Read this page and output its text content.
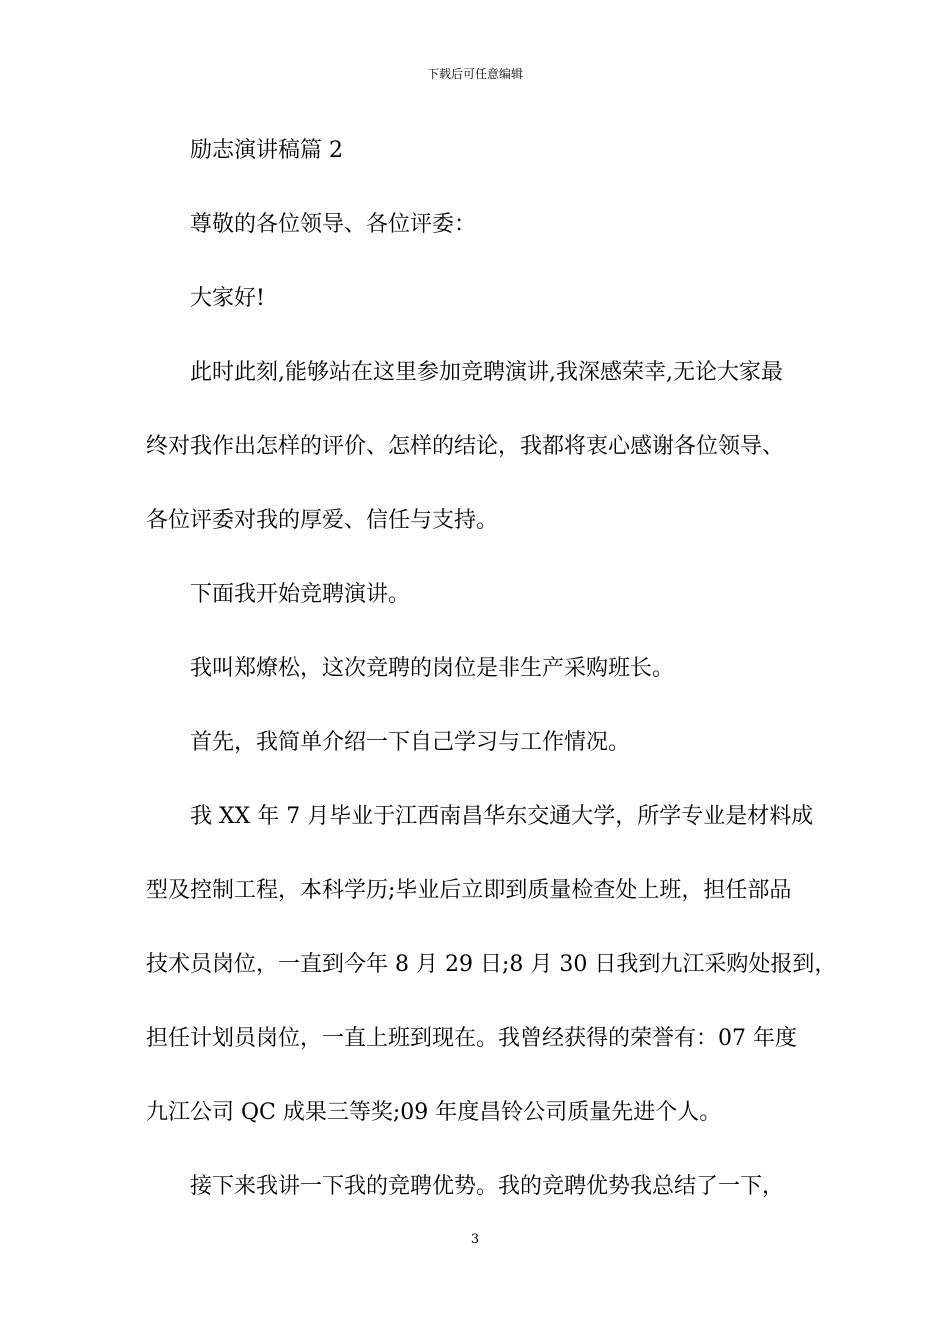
下载后可任意编辑
励志演讲稿篇 2
尊敬的各位领导、各位评委：
大家好!
此时此刻,能够站在这里参加竞聘演讲,我深感荣幸,无论大家最
终对我作出怎样的评价、怎样的结论，我都将衷心感谢各位领导、
各位评委对我的厚爱、信任与支持。
下面我开始竞聘演讲。
我叫郑燎松，这次竞聘的岗位是非生产采购班长。
首先，我简单介绍一下自己学习与工作情况。
我 XX 年 7 月毕业于江西南昌华东交通大学，所学专业是材料成
型及控制工程，本科学历;毕业后立即到质量检查处上班，担任部品
技术员岗位，一直到今年 8 月 29 日;8 月 30 日我到九江采购处报到，
担任计划员岗位，一直上班到现在。我曾经获得的荣誉有：07 年度
九江公司 QC 成果三等奖;09 年度昌铃公司质量先进个人。
接下来我讲一下我的竞聘优势。我的竞聘优势我总结了一下，
3
